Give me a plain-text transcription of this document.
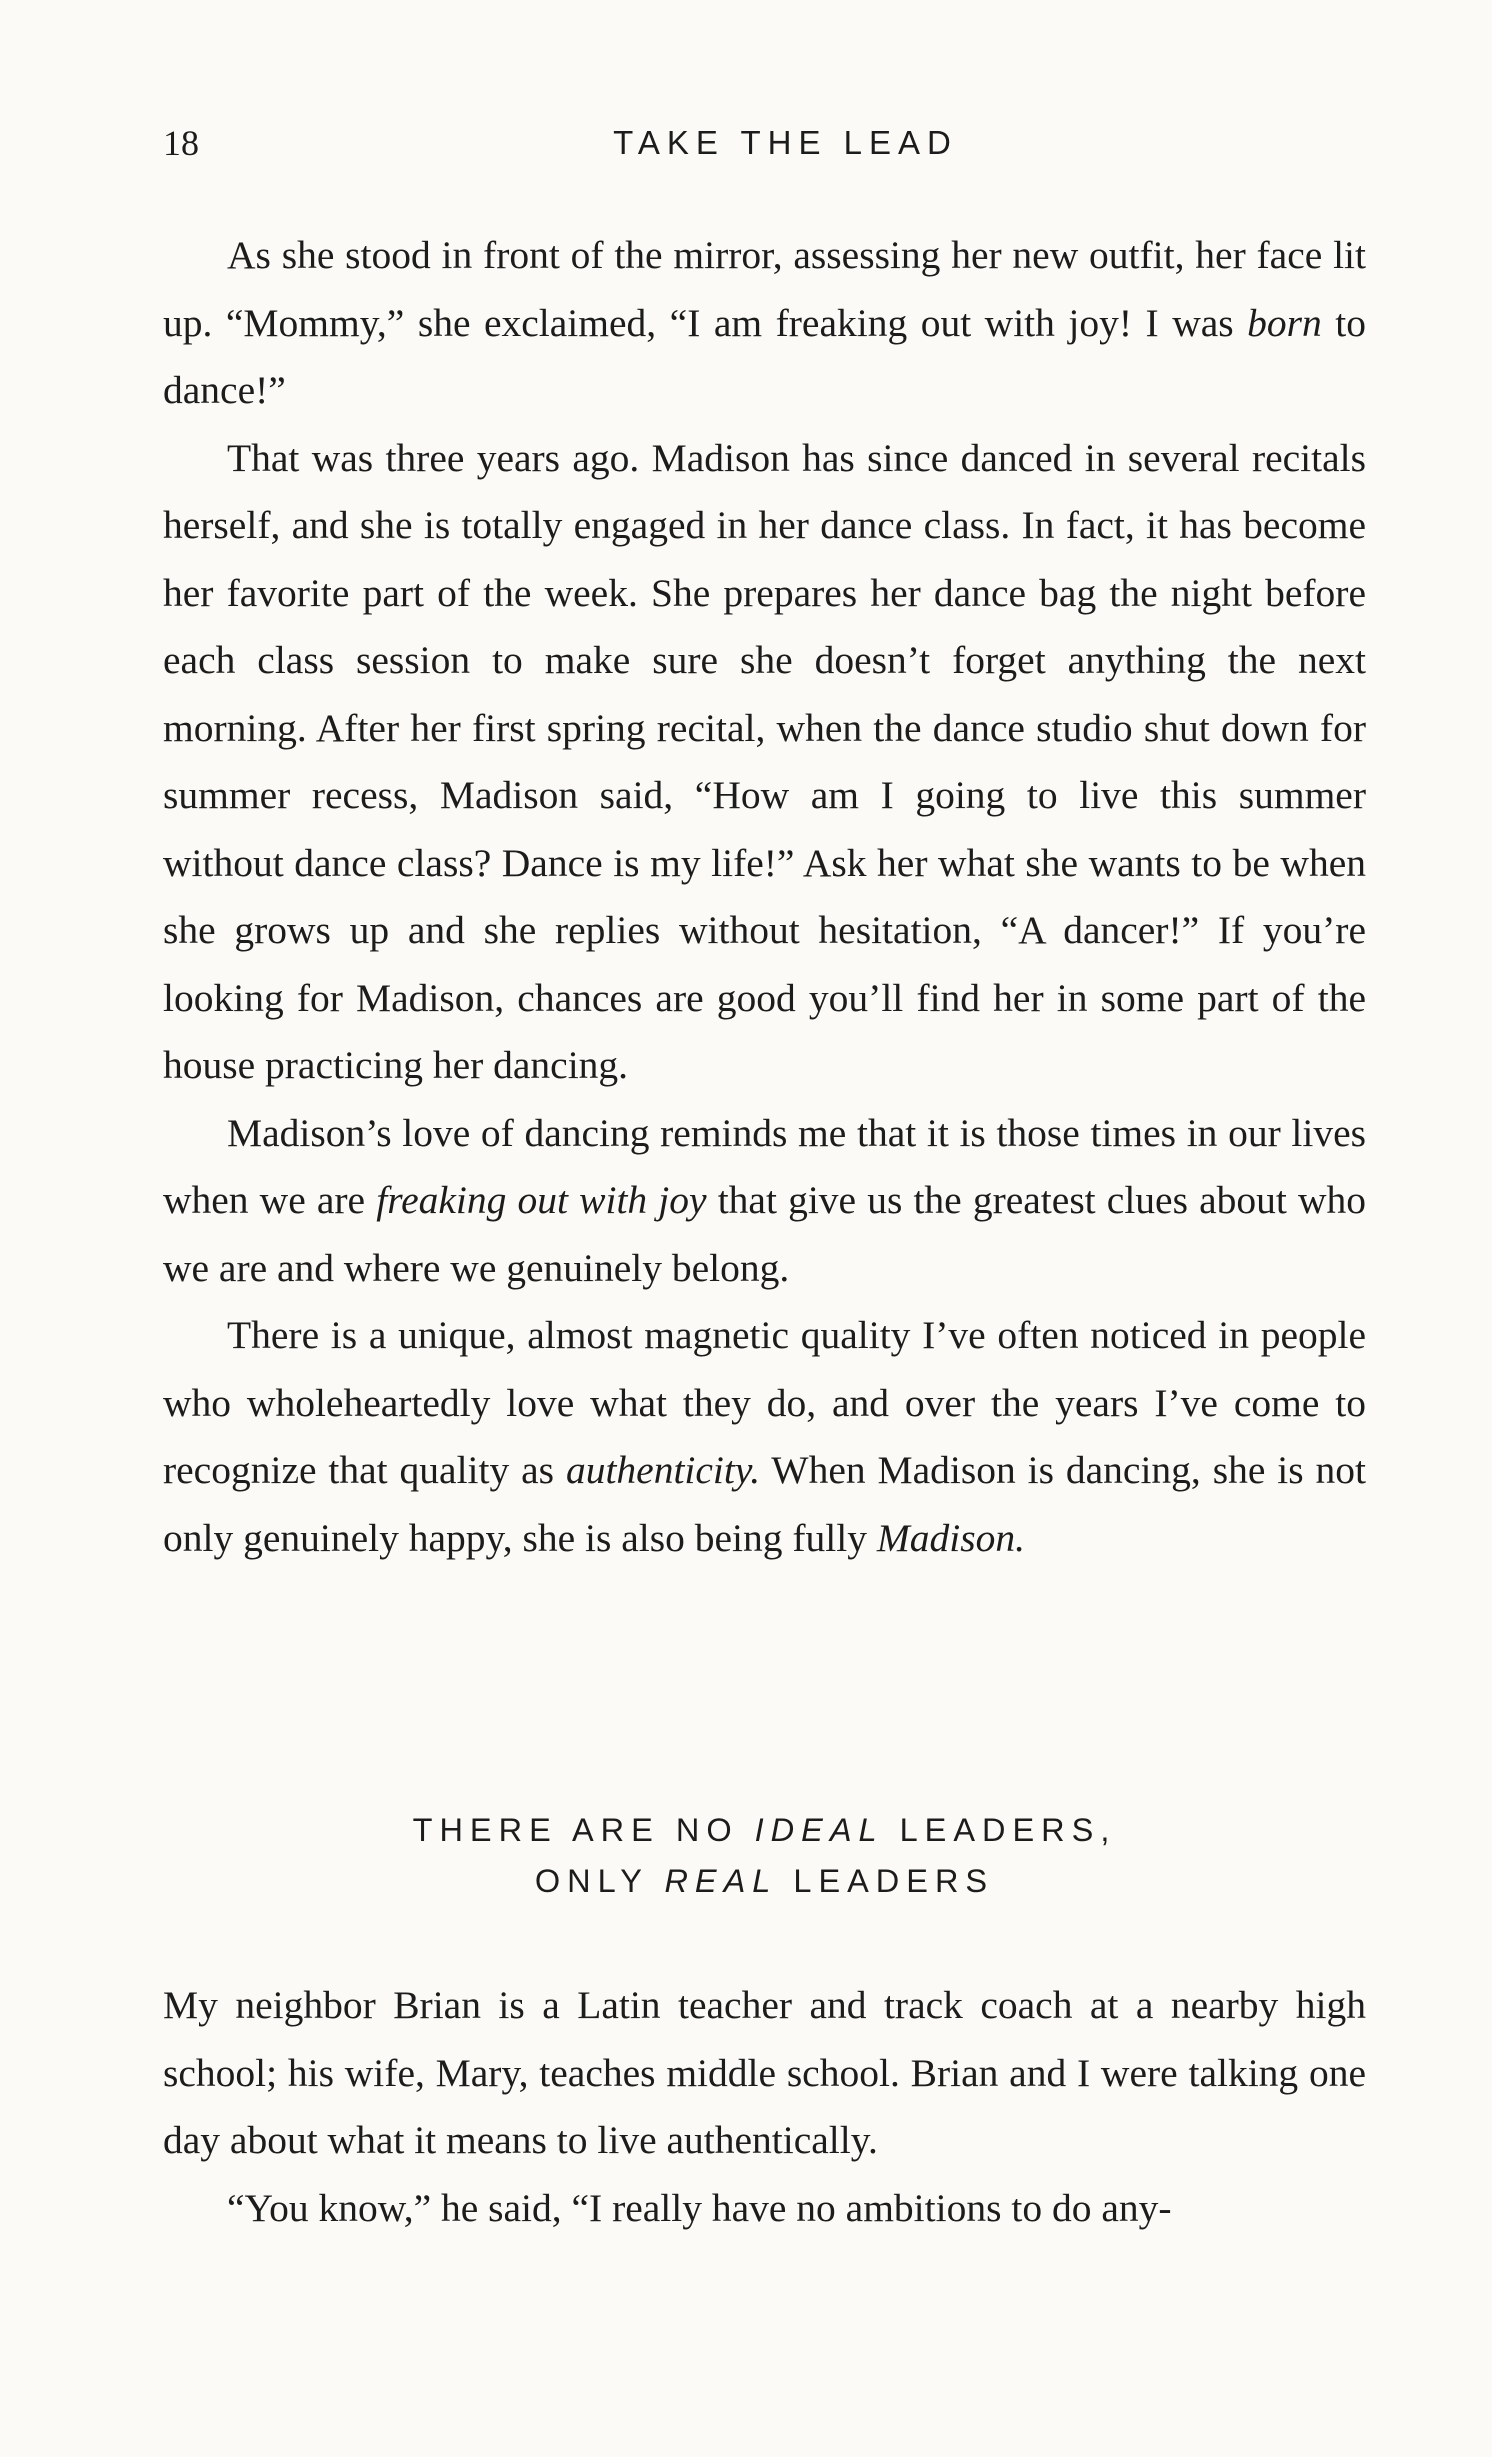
18	TAKE THE LEAD

As she stood in front of the mirror, assessing her new outfit, her face lit up. “Mommy,” she exclaimed, “I am freaking out with joy! I was born to dance!”

That was three years ago. Madison has since danced in several recitals herself, and she is totally engaged in her dance class. In fact, it has become her favorite part of the week. She prepares her dance bag the night before each class session to make sure she doesn’t forget anything the next morning. After her first spring recital, when the dance studio shut down for summer recess, Madison said, “How am I going to live this summer without dance class? Dance is my life!” Ask her what she wants to be when she grows up and she replies without hesitation, “A dancer!” If you’re looking for Madison, chances are good you’ll find her in some part of the house practicing her dancing.

Madison’s love of dancing reminds me that it is those times in our lives when we are freaking out with joy that give us the greatest clues about who we are and where we genuinely belong.

There is a unique, almost magnetic quality I’ve often noticed in people who wholeheartedly love what they do, and over the years I’ve come to recognize that quality as authenticity. When Madison is dancing, she is not only genuinely happy, she is also being fully Madison.

THERE ARE NO IDEAL LEADERS,
ONLY REAL LEADERS

My neighbor Brian is a Latin teacher and track coach at a nearby high school; his wife, Mary, teaches middle school. Brian and I were talking one day about what it means to live authentically.

“You know,” he said, “I really have no ambitions to do any-
